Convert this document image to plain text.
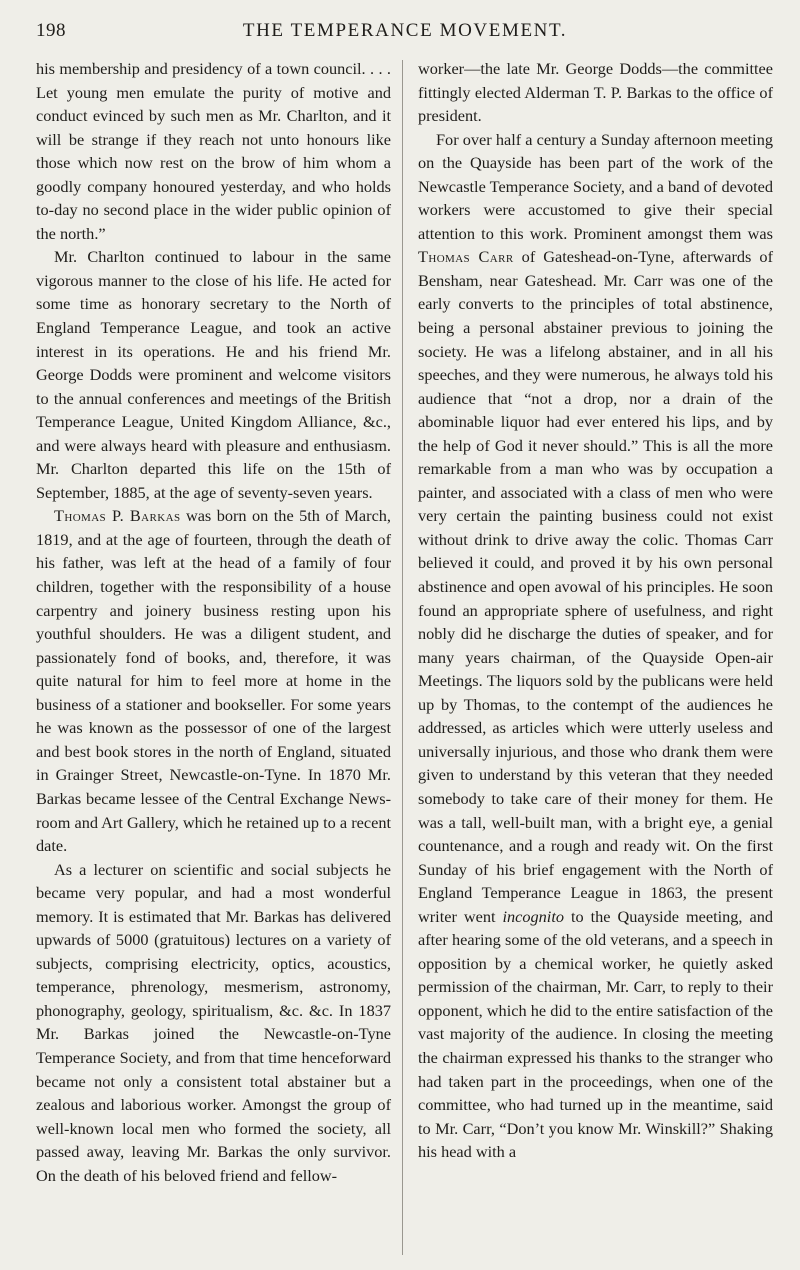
198	THE TEMPERANCE MOVEMENT.

his membership and presidency of a town council. . . . Let young men emulate the purity of motive and conduct evinced by such men as Mr. Charlton, and it will be strange if they reach not unto honours like those which now rest on the brow of him whom a goodly company honoured yesterday, and who holds to-day no second place in the wider public opinion of the north.”

Mr. Charlton continued to labour in the same vigorous manner to the close of his life. He acted for some time as honorary secretary to the North of England Temperance League, and took an active interest in its operations. He and his friend Mr. George Dodds were prominent and welcome visitors to the annual conferences and meetings of the British Temperance League, United Kingdom Alliance, &c., and were always heard with pleasure and enthusiasm. Mr. Charlton departed this life on the 15th of September, 1885, at the age of seventy-seven years.

Thomas P. Barkas was born on the 5th of March, 1819, and at the age of fourteen, through the death of his father, was left at the head of a family of four children, together with the responsibility of a house carpentry and joinery business resting upon his youthful shoulders. He was a diligent student, and passionately fond of books, and, therefore, it was quite natural for him to feel more at home in the business of a stationer and bookseller. For some years he was known as the possessor of one of the largest and best book stores in the north of England, situated in Grainger Street, Newcastle-on-Tyne. In 1870 Mr. Barkas became lessee of the Central Exchange News-room and Art Gallery, which he retained up to a recent date.

As a lecturer on scientific and social subjects he became very popular, and had a most wonderful memory. It is estimated that Mr. Barkas has delivered upwards of 5000 (gratuitous) lectures on a variety of subjects, comprising electricity, optics, acoustics, temperance, phrenology, mesmerism, astronomy, phonography, geology, spiritualism, &c. &c. In 1837 Mr. Barkas joined the Newcastle-on-Tyne Temperance Society, and from that time henceforward became not only a consistent total abstainer but a zealous and laborious worker. Amongst the group of well-known local men who formed the society, all passed away, leaving Mr. Barkas the only survivor. On the death of his beloved friend and fellow-

worker—the late Mr. George Dodds—the committee fittingly elected Alderman T. P. Barkas to the office of president.

For over half a century a Sunday afternoon meeting on the Quayside has been part of the work of the Newcastle Temperance Society, and a band of devoted workers were accustomed to give their special attention to this work. Prominent amongst them was Thomas Carr of Gateshead-on-Tyne, afterwards of Bensham, near Gateshead. Mr. Carr was one of the early converts to the principles of total abstinence, being a personal abstainer previous to joining the society. He was a lifelong abstainer, and in all his speeches, and they were numerous, he always told his audience that “not a drop, nor a drain of the abominable liquor had ever entered his lips, and by the help of God it never should.” This is all the more remarkable from a man who was by occupation a painter, and associated with a class of men who were very certain the painting business could not exist without drink to drive away the colic. Thomas Carr believed it could, and proved it by his own personal abstinence and open avowal of his principles. He soon found an appropriate sphere of usefulness, and right nobly did he discharge the duties of speaker, and for many years chairman, of the Quayside Open-air Meetings. The liquors sold by the publicans were held up by Thomas, to the contempt of the audiences he addressed, as articles which were utterly useless and universally injurious, and those who drank them were given to understand by this veteran that they needed somebody to take care of their money for them. He was a tall, well-built man, with a bright eye, a genial countenance, and a rough and ready wit. On the first Sunday of his brief engagement with the North of England Temperance League in 1863, the present writer went incognito to the Quayside meeting, and after hearing some of the old veterans, and a speech in opposition by a chemical worker, he quietly asked permission of the chairman, Mr. Carr, to reply to their opponent, which he did to the entire satisfaction of the vast majority of the audience. In closing the meeting the chairman expressed his thanks to the stranger who had taken part in the proceedings, when one of the committee, who had turned up in the meantime, said to Mr. Carr, “Don’t you know Mr. Winskill?” Shaking his head with a
